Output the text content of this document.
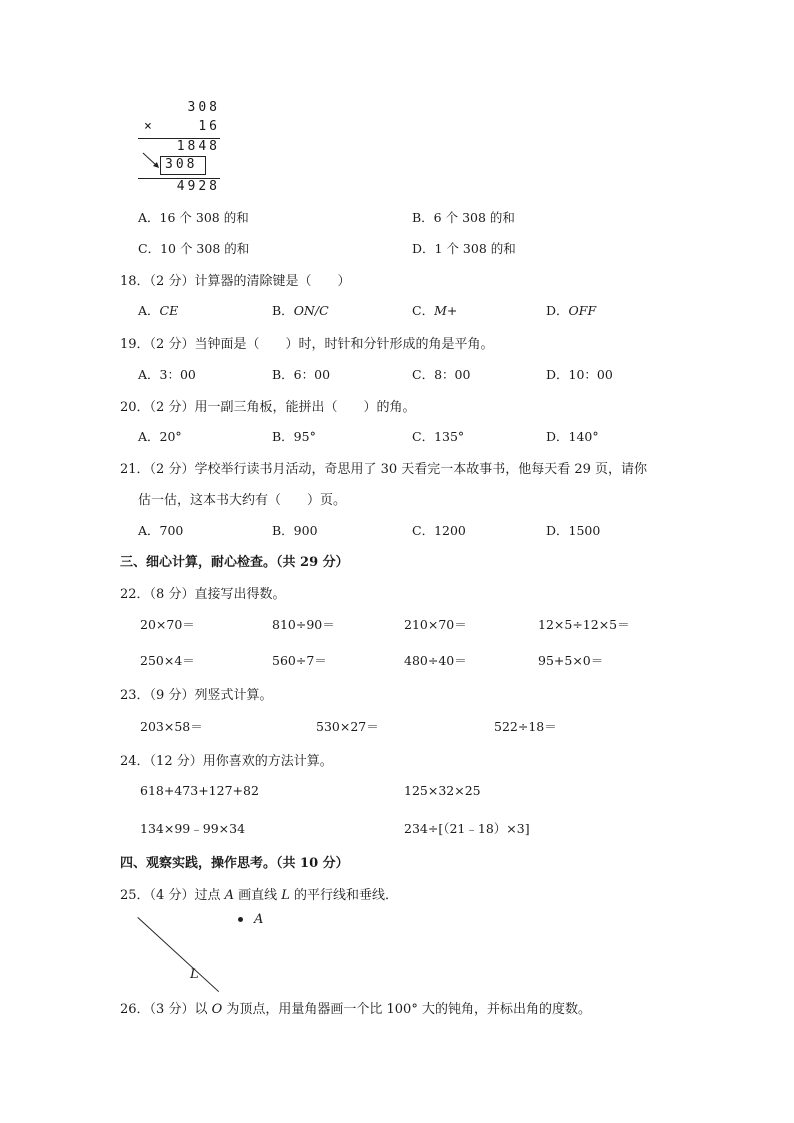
308
×	16
1848
308
4928
A．16 个 308 的和	B．6 个 308 的和
C．10 个 308 的和	D．1 个 308 的和
18．（2 分）计算器的清除键是（　　）
A．CE	B．ON/C	C．M+	D．OFF
19．（2 分）当钟面是（　　）时，时针和分针形成的角是平角。
A．3：00	B．6：00	C．8：00	D．10：00
20．（2 分）用一副三角板，能拼出（　　）的角。
A．20°	B．95°	C．135°	D．140°
21．（2 分）学校举行读书月活动，奇思用了 30 天看完一本故事书，他每天看 29 页，请你
估一估，这本书大约有（　　）页。
A．700	B．900	C．1200	D．1500
三、细心计算，耐心检查。（共 29 分）
22．（8 分）直接写出得数。
20×70＝	810÷90＝	210×70＝	12×5÷12×5＝
250×4＝	560÷7＝	480÷40＝	95+5×0＝
23．（9 分）列竖式计算。
203×58＝	530×27＝	522÷18＝
24．（12 分）用你喜欢的方法计算。
618+473+127+82	125×32×25
134×99﹣99×34	234÷[（21﹣18）×3]
四、观察实践，操作思考。（共 10 分）
25．（4 分）过点 A 画直线 L 的平行线和垂线．
A
L
26．（3 分）以 O 为顶点，用量角器画一个比 100° 大的钝角，并标出角的度数。
